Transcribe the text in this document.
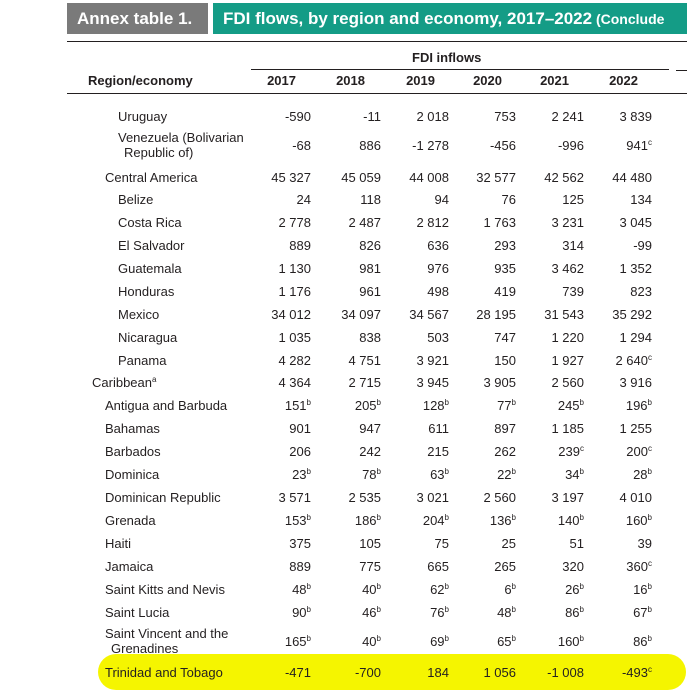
Annex table 1.	FDI flows, by region and economy, 2017–2022 (Conclude
FDI inflows
Region/economy	2017	2018	2019	2020	2021	2022
Uruguay	-590	-11	2 018	753	2 241	3 839
Venezuela (Bolivarian
Republic of)	-68	886	-1 278	-456	-996	941$^c$
Central America	45 327	45 059	44 008	32 577	42 562	44 480
Belize	24	118	94	76	125	134
Costa Rica	2 778	2 487	2 812	1 763	3 231	3 045
El Salvador	889	826	636	293	314	-99
Guatemala	1 130	981	976	935	3 462	1 352
Honduras	1 176	961	498	419	739	823
Mexico	34 012	34 097	34 567	28 195	31 543	35 292
Nicaragua	1 035	838	503	747	1 220	1 294
Panama	4 282	4 751	3 921	150	1 927	2 640$^c$
Caribbean$^a$	4 364	2 715	3 945	3 905	2 560	3 916
Antigua and Barbuda	151$^b$	205$^b$	128$^b$	77$^b$	245$^b$	196$^b$
Bahamas	901	947	611	897	1 185	1 255
Barbados	206	242	215	262	239$^c$	200$^c$
Dominica	23$^b$	78$^b$	63$^b$	22$^b$	34$^b$	28$^b$
Dominican Republic	3 571	2 535	3 021	2 560	3 197	4 010
Grenada	153$^b$	186$^b$	204$^b$	136$^b$	140$^b$	160$^b$
Haiti	375	105	75	25	51	39
Jamaica	889	775	665	265	320	360$^c$
Saint Kitts and Nevis	48$^b$	40$^b$	62$^b$	6$^b$	26$^b$	16$^b$
Saint Lucia	90$^b$	46$^b$	76$^b$	48$^b$	86$^b$	67$^b$
Saint Vincent and the
Grenadines	165$^b$	40$^b$	69$^b$	65$^b$	160$^b$	86$^b$
Trinidad and Tobago	-471	-700	184	1 056	-1 008	-493$^c$
